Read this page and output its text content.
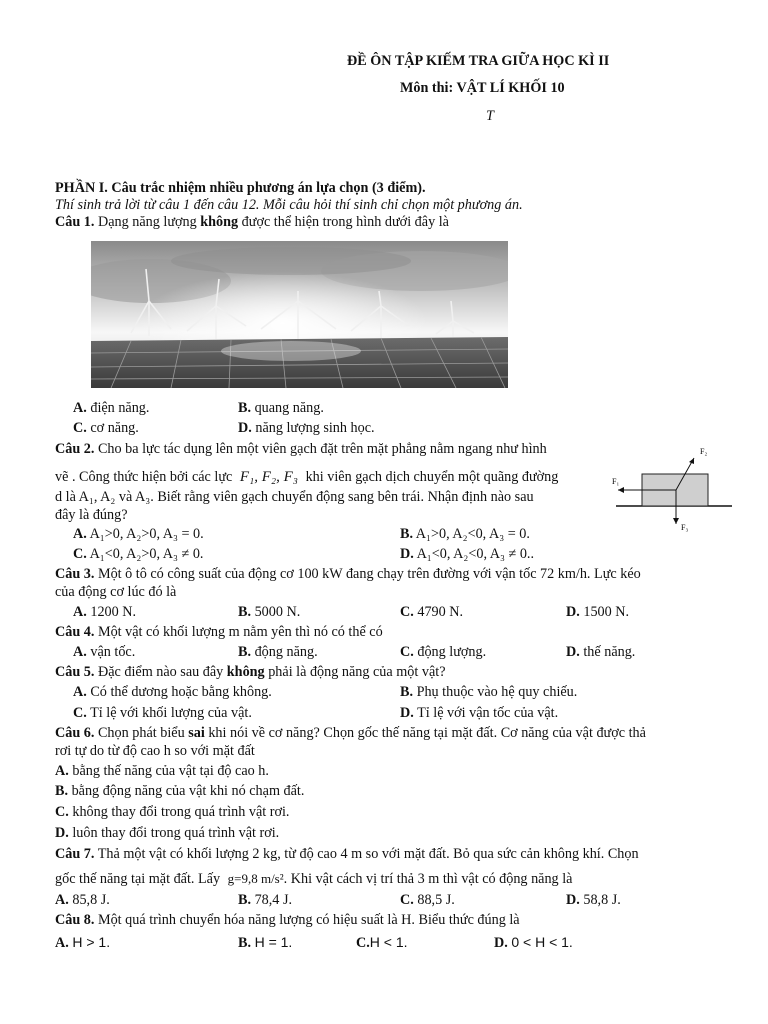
ĐỀ ÔN TẬP KIẾM TRA GIỮA HỌC KÌ II
Môn thi: VẬT LÍ KHỐI 10
T
PHẦN I. Câu trắc nhiệm nhiều phương án lựa chọn (3 điểm).
Thí sinh trả lời từ câu 1 đến câu 12. Mỗi câu hỏi thí sinh chỉ chọn một phương án.
Câu 1. Dạng năng lượng không được thể hiện trong hình dưới đây là
A. điện năng.	B. quang năng.
C. cơ năng.	D. năng lượng sinh học.
Câu 2. Cho ba lực tác dụng lên một viên gạch đặt trên mặt phẳng nằm ngang như hình
vẽ . Công thức hiện bởi các lực F₁, F₂, F₃ khi viên gạch dịch chuyển một quãng đường
d là A₁, A₂ và A₃. Biết rằng viên gạch chuyển động sang bên trái. Nhận định nào sau
đây là đúng?
F₁
F₂
F₃
A. A₁>0, A₂>0, A₃ = 0.	B. A₁>0, A₂<0, A₃ = 0.
C. A₁<0, A₂>0, A₃ ≠ 0.	D. A₁<0, A₂<0, A₃ ≠ 0..
Câu 3. Một ô tô có công suất của động cơ 100 kW đang chạy trên đường với vận tốc 72 km/h. Lực kéo
của động cơ lúc đó là
A. 1200 N.	B. 5000 N.	C. 4790 N.	D. 1500 N.
Câu 4. Một vật có khối lượng m nằm yên thì nó có thể có
A. vận tốc.	B. động năng.	C. động lượng.	D. thế năng.
Câu 5. Đặc điểm nào sau đây không phải là động năng của một vật?
A. Có thể dương hoặc bằng không.	B. Phụ thuộc vào hệ quy chiếu.
C. Tỉ lệ với khối lượng của vật.	D. Tỉ lệ với vận tốc của vật.
Câu 6. Chọn phát biểu sai khi nói về cơ năng? Chọn gốc thế năng tại mặt đất. Cơ năng của vật được thả
rơi tự do từ độ cao h so với mặt đất
A. bằng thế năng của vật tại độ cao h.
B. bằng động năng của vật khi nó chạm đất.
C. không thay đổi trong quá trình vật rơi.
D. luôn thay đổi trong quá trình vật rơi.
Câu 7. Thả một vật có khối lượng 2 kg, từ độ cao 4 m so với mặt đất. Bỏ qua sức cản không khí. Chọn
gốc thế năng tại mặt đất. Lấy g=9,8 m/s². Khi vật cách vị trí thả 3 m thì vật có động năng là
A. 85,8 J.	B. 78,4 J.	C. 88,5 J.	D. 58,8 J.
Câu 8. Một quá trình chuyển hóa năng lượng có hiệu suất là H. Biểu thức đúng là
A. H > 1.	B. H = 1.	C.H < 1.	D. 0 < H < 1.
